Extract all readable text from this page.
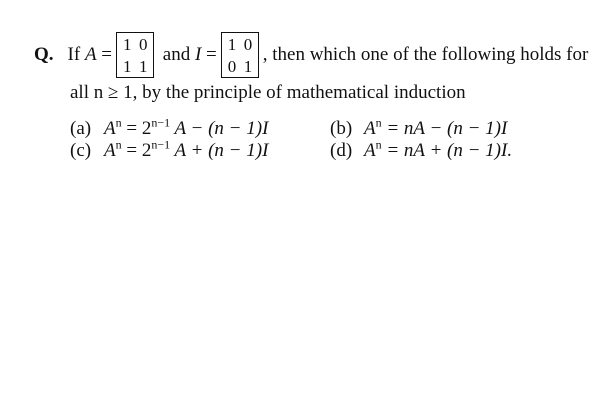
Q. If A = 1 0
1 1
and I = 1 0
0 1
, then which one of the following holds for
all n ≥ 1, by the principle of mathematical induction
(a) $A^n = 2^{n-1}$ A − (n − 1)I	(b) $A^n$ = nA − (n − 1)I
(c) $A^n = 2^{n-1}$ A + (n − 1)I	(d) $A^n$ = nA + (n − 1)I.
